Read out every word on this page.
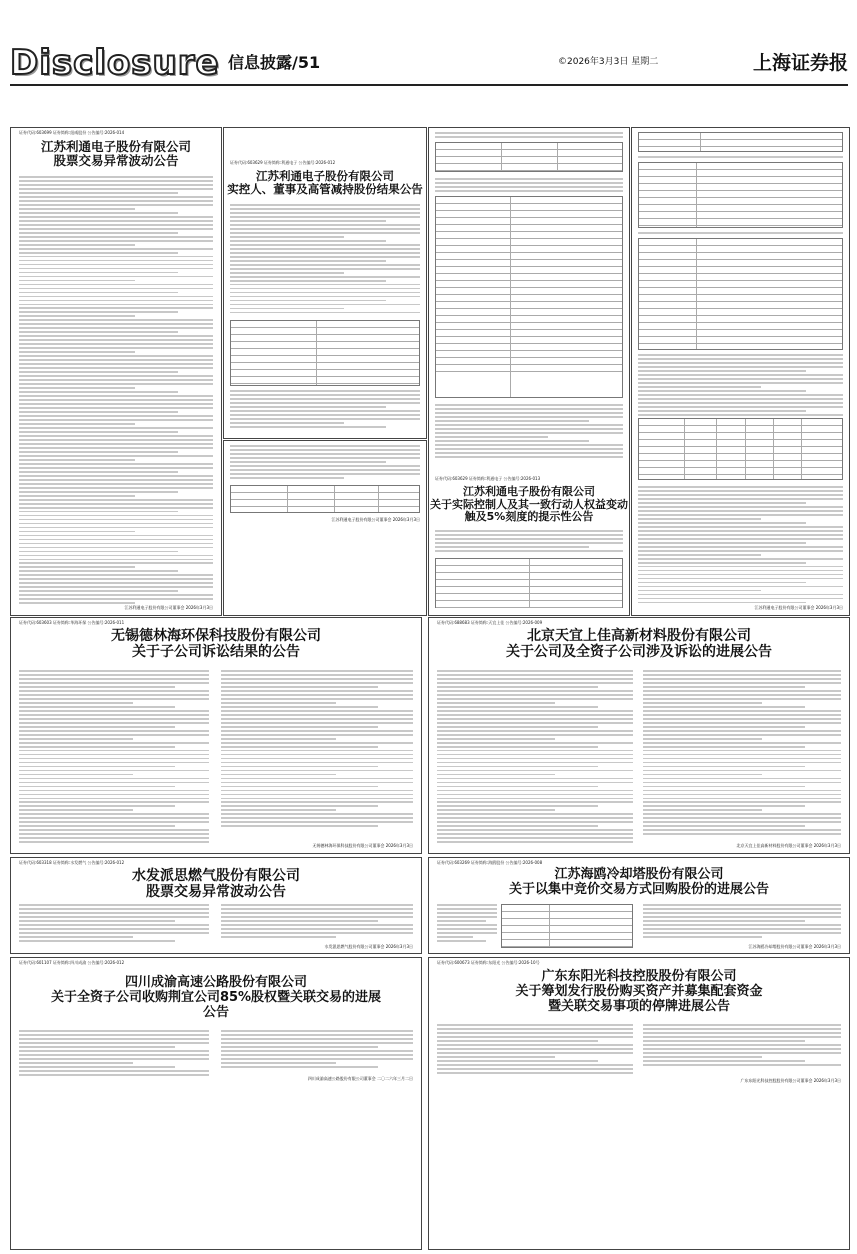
Disclosure 信息披露/51	©2026年3月3日 星期二	上海证券报
证券代码:603699 证券简称:纽威股份 公告编号:2026-014
江苏利通电子股份有限公司
股票交易异常波动公告
江苏利通电子股份有限公司董事会 2026年3月3日
证券代码:603629 证券简称:利通电子 公告编号:2026-012
江苏利通电子股份有限公司
实控人、董事及高管减持股份结果公告
江苏利通电子股份有限公司董事会 2026年3月3日
证券代码:603629 证券简称:利通电子 公告编号:2026-013
江苏利通电子股份有限公司
关于实际控制人及其一致行动人权益变动
触及5%刻度的提示性公告
江苏利通电子股份有限公司董事会 2026年3月3日
证券代码:603603 证券简称:华海环保 公告编号:2026-011
无锡德林海环保科技股份有限公司
关于子公司诉讼结果的公告
无锡德林海环保科技股份有限公司董事会 2026年3月3日
证券代码:688683 证券简称:天宜上佳 公告编号:2026-009
北京天宜上佳高新材料股份有限公司
关于公司及全资子公司涉及诉讼的进展公告
北京天宜上佳高新材料股份有限公司董事会 2026年3月3日
证券代码:603318 证券简称:水发燃气 公告编号:2026-012
水发派思燃气股份有限公司
股票交易异常波动公告
水发派思燃气股份有限公司董事会 2026年3月3日
证券代码:603269 证券简称:海鸥股份 公告编号:2026-008
江苏海鸥冷却塔股份有限公司
关于以集中竞价交易方式回购股份的进展公告
江苏海鸥冷却塔股份有限公司董事会 2026年3月3日
证券代码:601107 证券简称:四川成渝 公告编号:2026-012
四川成渝高速公路股份有限公司
关于全资子公司收购荆宜公司85%股权暨关联交易的进展
公告
四川成渝高速公路股份有限公司董事会 二〇二六年三月二日
证券代码:600673 证券简称:东阳光 公告编号:2026-10号
广东东阳光科技控股股份有限公司
关于筹划发行股份购买资产并募集配套资金
暨关联交易事项的停牌进展公告
广东东阳光科技控股股份有限公司董事会 2026年3月3日
